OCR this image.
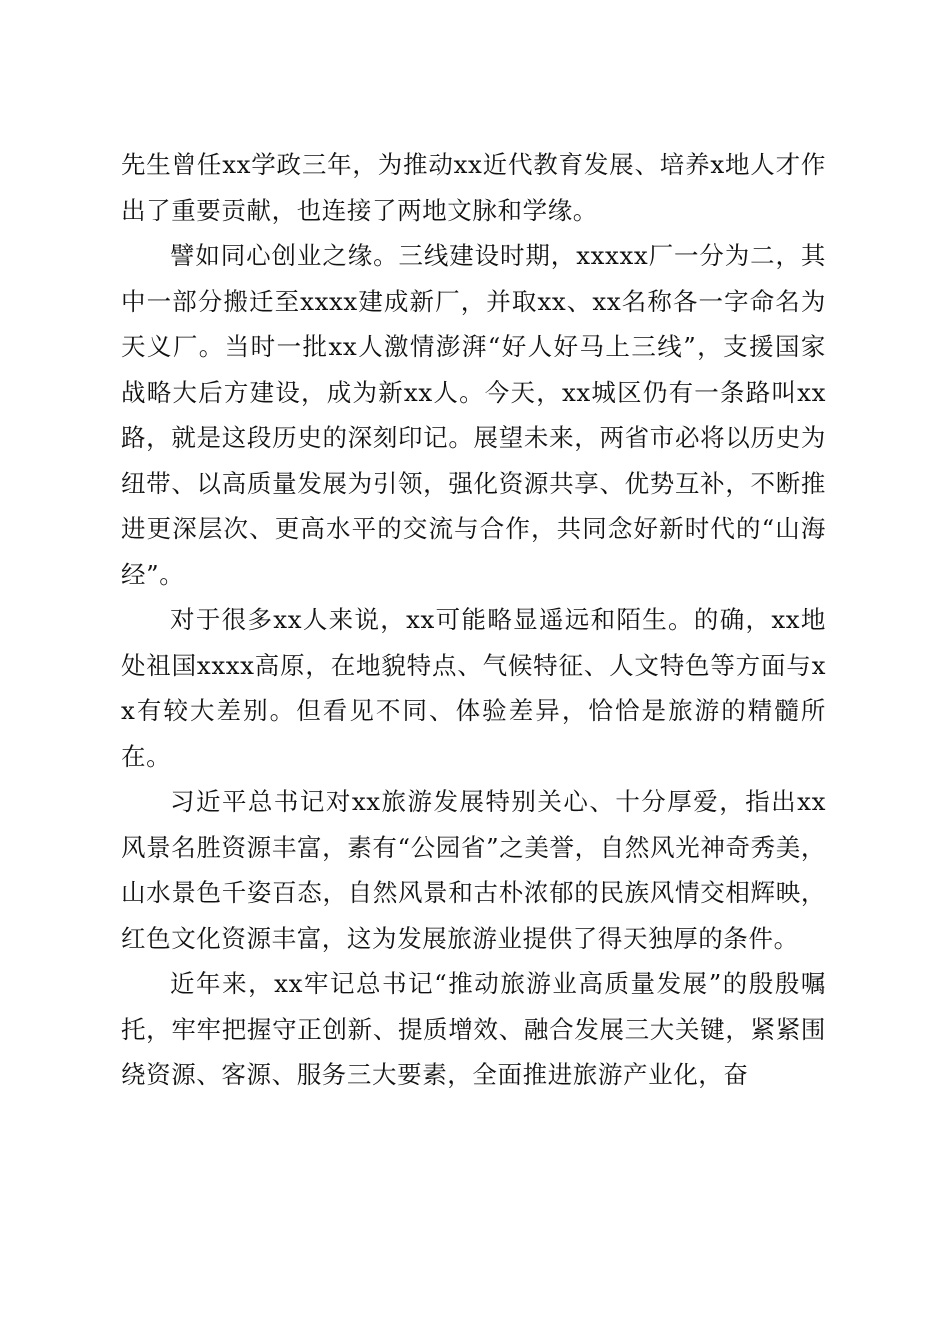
先生曾任xx学政三年，为推动xx近代教育发展、培养x地人才作出了重要贡献，也连接了两地文脉和学缘。

譬如同心创业之缘。三线建设时期，xxxxx厂一分为二，其中一部分搬迁至xxxx建成新厂，并取xx、xx名称各一字命名为天义厂。当时一批xx人激情澎湃“好人好马上三线”，支援国家战略大后方建设，成为新xx人。今天，xx城区仍有一条路叫xx路，就是这段历史的深刻印记。展望未来，两省市必将以历史为纽带、以高质量发展为引领，强化资源共享、优势互补，不断推进更深层次、更高水平的交流与合作，共同念好新时代的“山海经”。

对于很多xx人来说，xx可能略显遥远和陌生。的确，xx地处祖国xxxx高原，在地貌特点、气候特征、人文特色等方面与xx有较大差别。但看见不同、体验差异，恰恰是旅游的精髓所在。

习近平总书记对xx旅游发展特别关心、十分厚爱，指出xx风景名胜资源丰富，素有“公园省”之美誉，自然风光神奇秀美，山水景色千姿百态，自然风景和古朴浓郁的民族风情交相辉映，红色文化资源丰富，这为发展旅游业提供了得天独厚的条件。

近年来，xx牢记总书记“推动旅游业高质量发展”的殷殷嘱托，牢牢把握守正创新、提质增效、融合发展三大关键，紧紧围绕资源、客源、服务三大要素，全面推进旅游产业化，奋
